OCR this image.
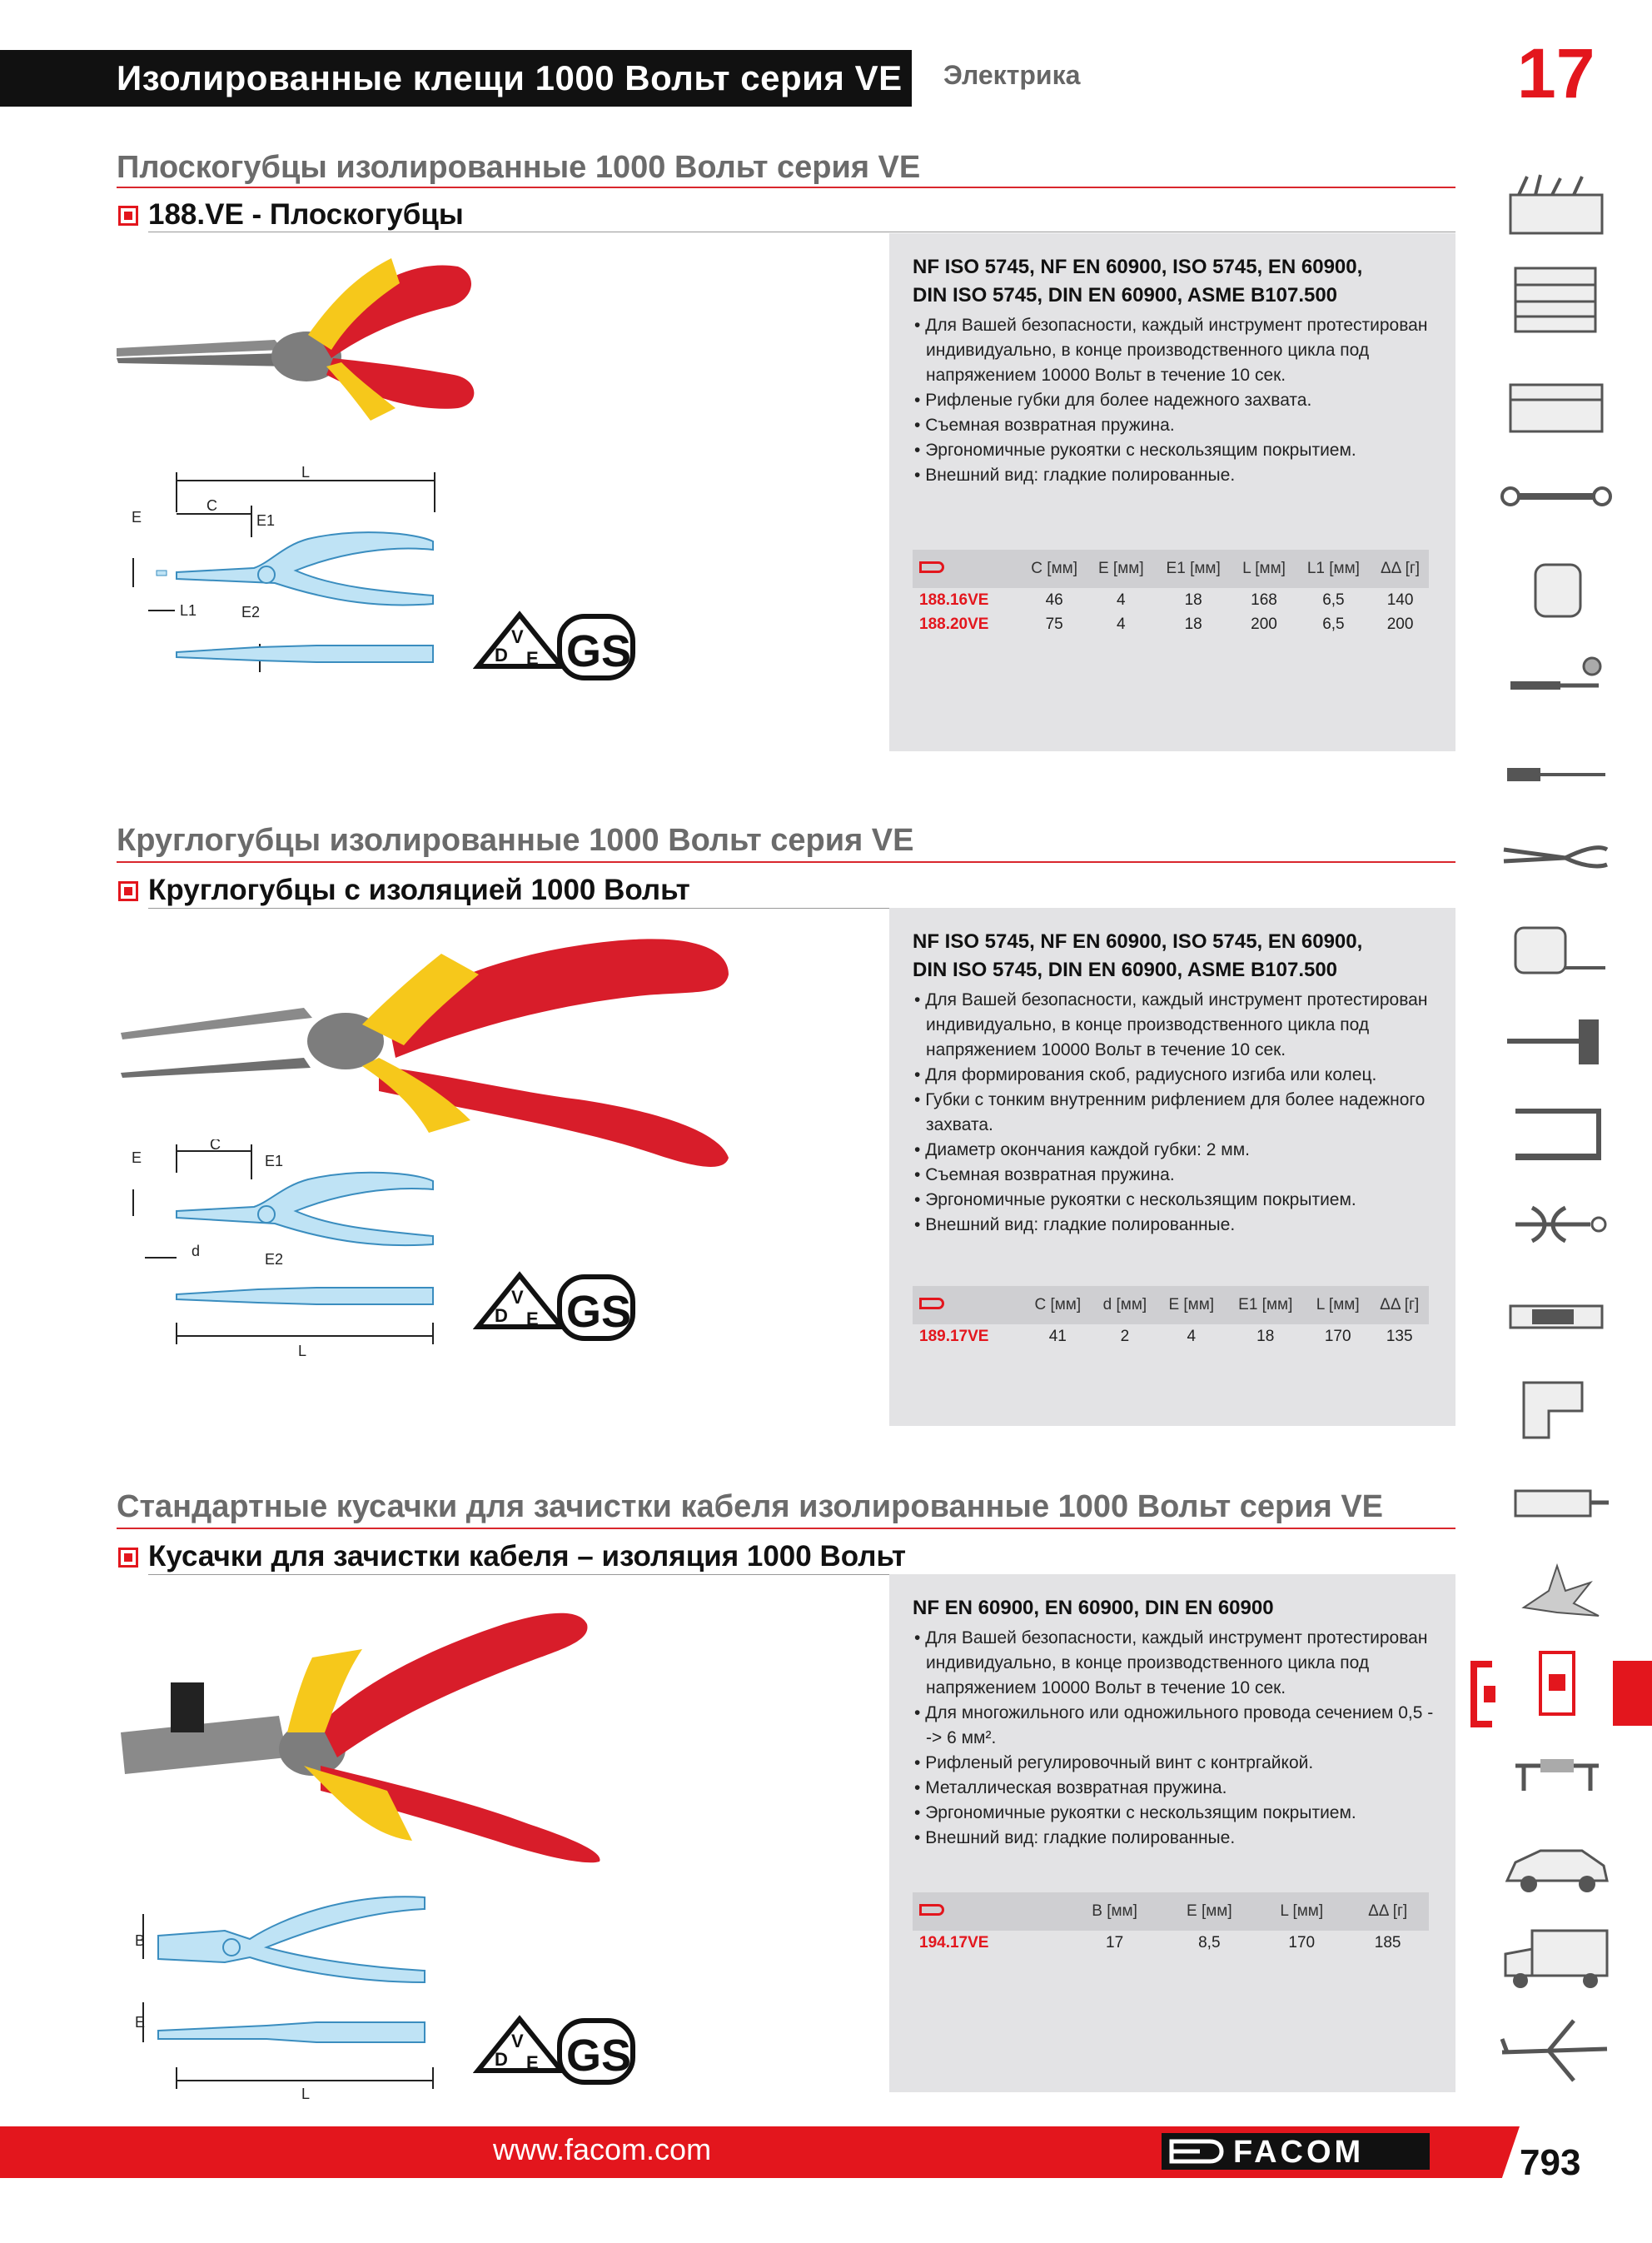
Изолированные клещи 1000 Вольт серия VE Электрика	17
Плоскогубцы изолированные 1000 Вольт серия VE
188.VE - Плоскогубцы
L
E
C
E1
L1	E2
V
D E GS
NF ISO 5745, NF EN 60900, ISO 5745, EN 60900,
DIN ISO 5745, DIN EN 60900, ASME B107.500
• Для Вашей безопасности, каждый инструмент протестирован индивидуально, в конце производственного цикла под напряжением 10000 Вольт в течение 10 сек.
• Рифленые губки для более надежного захвата.
• Съемная возвратная пружина.
• Эргономичные рукоятки с нескользящим покрытием.
• Внешний вид: гладкие полированные.
	C [мм]	E [мм]	E1 [мм]	L [мм]	L1 [мм]	ΔΔ [г]
188.16VE	46	4	18	168	6,5	140
188.20VE	75	4	18	200	6,5	200
Круглогубцы изолированные 1000 Вольт серия VE
Круглогубцы с изоляцией 1000 Вольт
E
C
E1
d	E2
L
V
D E GS
NF ISO 5745, NF EN 60900, ISO 5745, EN 60900,
DIN ISO 5745, DIN EN 60900, ASME B107.500
• Для Вашей безопасности, каждый инструмент протестирован индивидуально, в конце производственного цикла под напряжением 10000 Вольт в течение 10 сек.
• Для формирования скоб, радиусного изгиба или колец.
• Губки с тонким внутренним рифлением для более надежного захвата.
• Диаметр окончания каждой губки: 2 мм.
• Съемная возвратная пружина.
• Эргономичные рукоятки с нескользящим покрытием.
• Внешний вид: гладкие полированные.
	C [мм]	d [мм]	E [мм]	E1 [мм]	L [мм]	ΔΔ [г]
189.17VE	41	2	4	18	170	135
Стандартные кусачки для зачистки кабеля изолированные 1000 Вольт серия VE
Кусачки для зачистки кабеля – изоляция 1000 Вольт
B
E
L
V
D E GS
NF EN 60900, EN 60900, DIN EN 60900
• Для Вашей безопасности, каждый инструмент протестирован индивидуально, в конце производственного цикла под напряжением 10000 Вольт в течение 10 сек.
• Для многожильного или одножильного провода сечением 0,5 --> 6 мм².
• Рифленый регулировочный винт с контргайкой.
• Металлическая возвратная пружина.
• Эргономичные рукоятки с нескользящим покрытием.
• Внешний вид: гладкие полированные.
	B [мм]	E [мм]	L [мм]	ΔΔ [г]
194.17VE	17	8,5	170	185
www.facom.com	FACOM	793
